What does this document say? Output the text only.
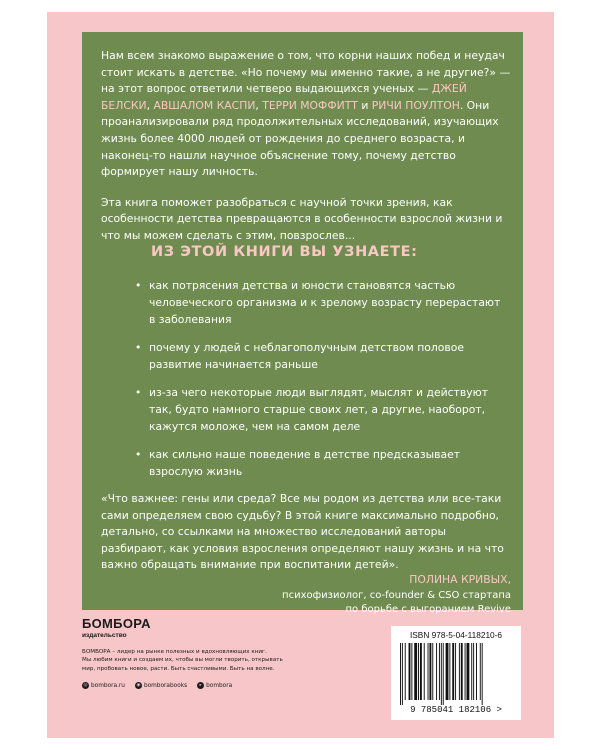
Нам всем знакомо выражение о том, что корни наших побед и неудач стоит искать в детстве. «Но почему мы именно такие, а не другие?» — на этот вопрос ответили четверо выдающихся ученых — ДЖЕЙ БЕЛСКИ, АВШАЛОМ КАСПИ, ТЕРРИ МОФФИТТ и РИЧИ ПОУЛТОН. Они проанализировали ряд продолжительных исследований, изучающих жизнь более 4000 людей от рождения до среднего возраста, и наконец-то нашли научное объяснение тому, почему детство формирует нашу личность.

Эта книга поможет разобраться с научной точки зрения, как особенности детства превращаются в особенности взрослой жизни и что мы можем сделать с этим, повзрослев...

ИЗ ЭТОЙ КНИГИ ВЫ УЗНАЕТЕ:
• как потрясения детства и юности становятся частью человеческого организма и к зрелому возрасту перерастают в заболевания
• почему у людей с неблагополучным детством половое развитие начинается раньше
• из-за чего некоторые люди выглядят, мыслят и действуют так, будто намного старше своих лет, а другие, наоборот, кажутся моложе, чем на самом деле
• как сильно наше поведение в детстве предсказывает взрослую жизнь

«Что важнее: гены или среда? Все мы родом из детства или все-таки сами определяем свою судьбу? В этой книге максимально подробно, детально, со ссылками на множество исследований авторы разбирают, как условия взросления определяют нашу жизнь и на что важно обращать внимание при воспитании детей».

ПОЛИНА КРИВЫХ,
психофизиолог, co-founder & CSO стартапа
по борьбе с выгоранием Revive
БОМБОРА
издательство
БОМБОРА – лидер на рынке полезных и вдохновляющих книг.
Мы любим книги и создаем их, чтобы вы могли творить, открывать
мир, пробовать новое, расти. Быть счастливыми. Быть на волне.
◎ bombora.ru	◉ bomborabooks	▸ bombora
ISBN 978-5-04-118210-6
9 785041 182106 >
